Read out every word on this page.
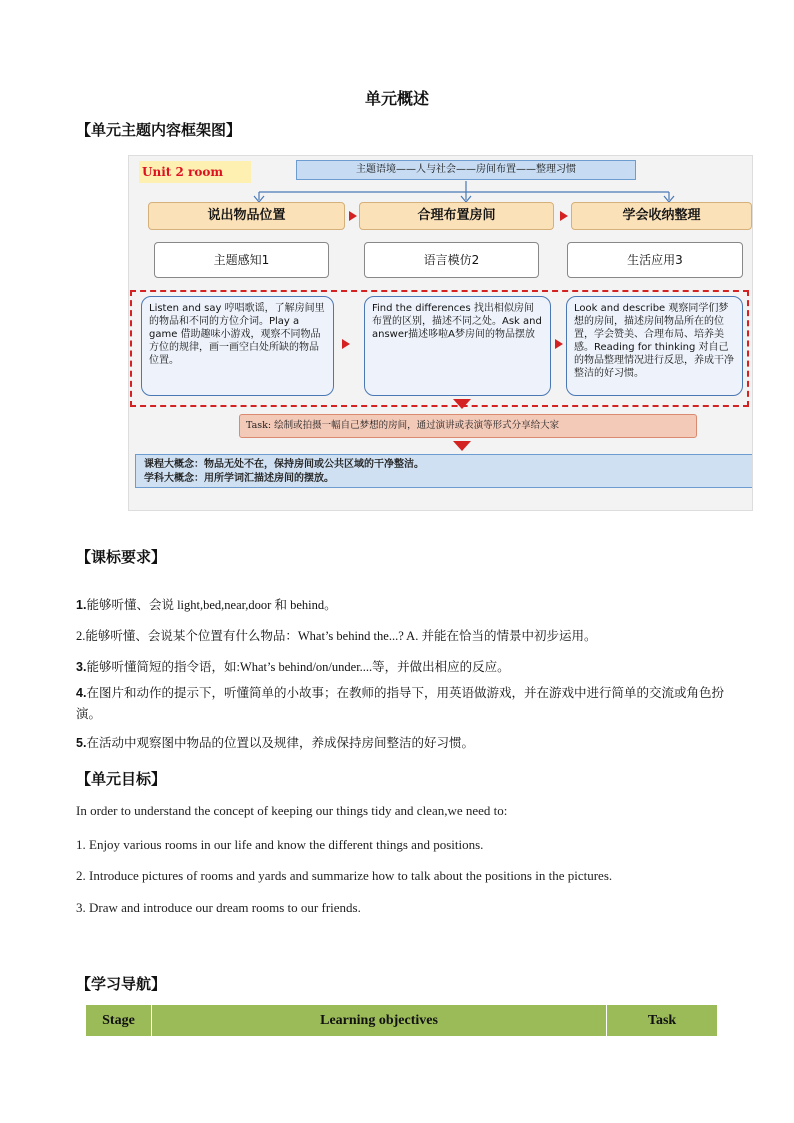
单元概述
【单元主题内容框架图】
Unit 2 room	主题语境——人与社会——房间布置——整理习惯
说出物品位置	合理布置房间	学会收纳整理
主题感知1	语言模仿2	生活应用3
Listen and say 哼唱歌谣，了解房间里的物品和不同的方位介词。Play a game 借助趣味小游戏，观察不同物品方位的规律，画一画空白处所缺的物品位置。
Find the differences 找出相似房间布置的区别，描述不同之处。Ask and answer描述哆啦A梦房间的物品摆放
Look and describe 观察同学们梦想的房间，描述房间物品所在的位置，学会赞美、合理布局、培养美感。Reading for thinking 对自己的物品整理情况进行反思，养成干净整洁的好习惯。
Task: 绘制或拍摄一幅自己梦想的房间，通过演讲或表演等形式分享给大家
课程大概念：物品无处不在，保持房间或公共区域的干净整洁。
学科大概念：用所学词汇描述房间的摆放。
【课标要求】
1.能够听懂、会说 light,bed,near,door 和 behind。
2.能够听懂、会说某个位置有什么物品：What’s behind the...? A. 并能在恰当的情景中初步运用。
3.能够听懂简短的指令语，如:What’s behind/on/under....等，并做出相应的反应。
4.在图片和动作的提示下，听懂简单的小故事；在教师的指导下，用英语做游戏，并在游戏中进行简单的交流或角色扮演。
5.在活动中观察图中物品的位置以及规律，养成保持房间整洁的好习惯。
【单元目标】
In order to understand the concept of keeping our things tidy and clean,we need to:
1. Enjoy various rooms in our life and know the different things and positions.
2. Introduce pictures of rooms and yards and summarize how to talk about the positions in the pictures.
3. Draw and introduce our dream rooms to our friends.
【学习导航】
Stage	Learning objectives	Task
